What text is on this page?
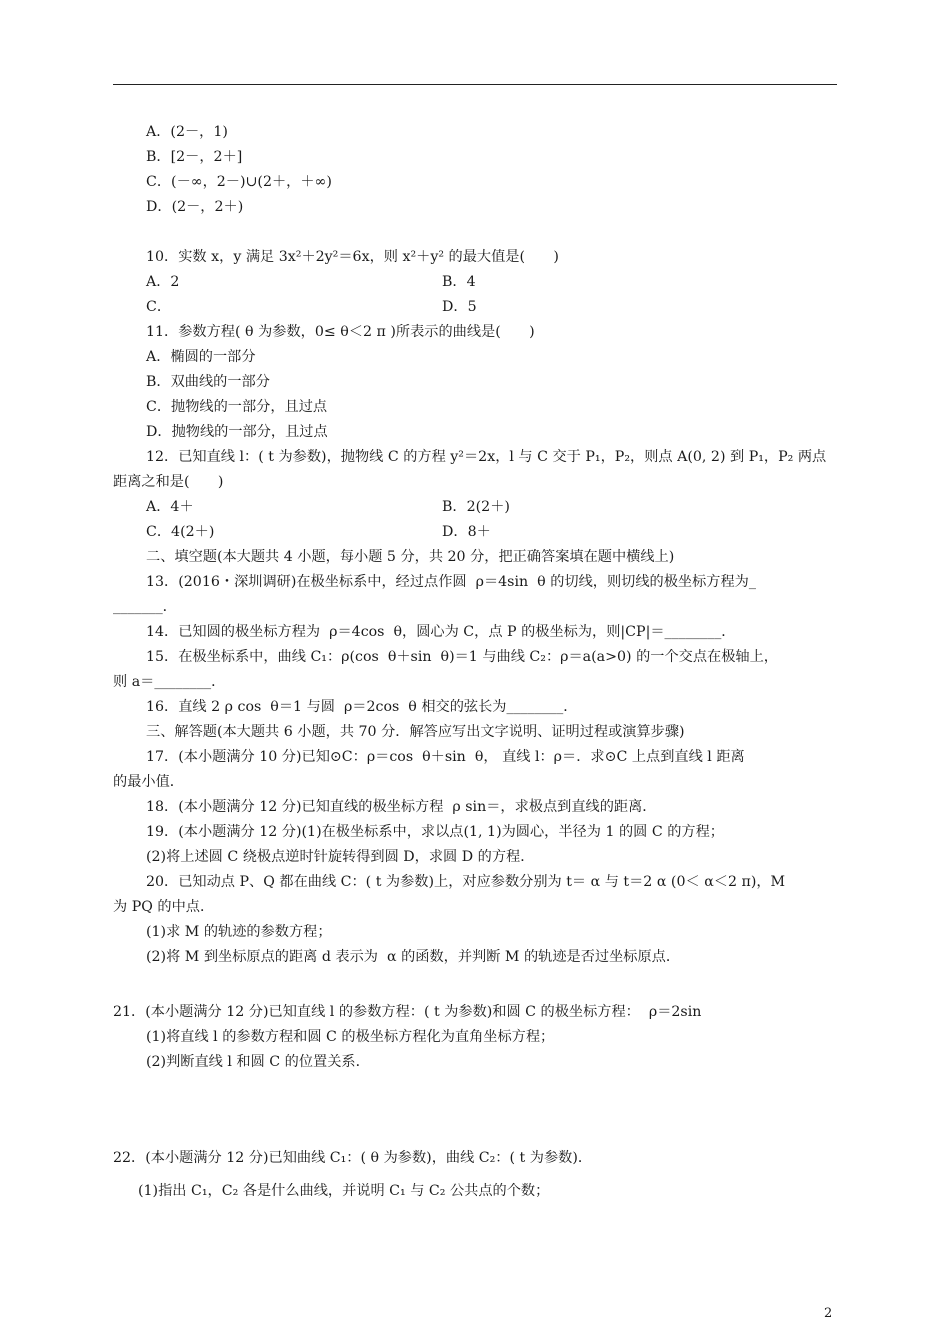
A．(2－，1)
B．[2－，2＋]
C．(－∞，2－)∪(2＋，＋∞)
D．(2－，2＋)
10．实数 x，y 满足 3x²＋2y²＝6x，则 x²＋y² 的最大值是(　　)
A．2	B．4
C．	D．5
11．参数方程( θ 为参数，0≤ θ＜2 π )所表示的曲线是(　　)
A．椭圆的一部分
B．双曲线的一部分
C．抛物线的一部分，且过点
D．抛物线的一部分，且过点
12．已知直线 l：( t 为参数)，抛物线 C 的方程 y²＝2x，l 与 C 交于 P₁，P₂，则点 A(0, 2) 到 P₁，P₂ 两点
距离之和是(　　)
A．4＋	B．2(2＋)
C．4(2＋)	D．8＋
二、填空题(本大题共 4 小题，每小题 5 分，共 20 分，把正确答案填在题中横线上)
13．(2016・深圳调研)在极坐标系中，经过点作圆  ρ＝4sin  θ 的切线，则切线的极坐标方程为_
_______．
14．已知圆的极坐标方程为  ρ＝4cos  θ，圆心为 C，点 P 的极坐标为，则|CP|＝________．
15．在极坐标系中，曲线 C₁：ρ(cos  θ＋sin  θ)＝1 与曲线 C₂：ρ＝a(a>0) 的一个交点在极轴上，
则 a＝________．
16．直线 2 ρ cos  θ＝1 与圆  ρ＝2cos  θ 相交的弦长为________．
三、解答题(本大题共 6 小题，共 70 分．解答应写出文字说明、证明过程或演算步骤)
17．(本小题满分 10 分)已知⊙C：ρ＝cos  θ＋sin  θ， 直线 l：ρ＝．求⊙C 上点到直线 l 距离
的最小值．
18．(本小题满分 12 分)已知直线的极坐标方程  ρ sin＝，求极点到直线的距离．
19．(本小题满分 12 分)(1)在极坐标系中，求以点(1, 1)为圆心，半径为 1 的圆 C 的方程；
(2)将上述圆 C 绕极点逆时针旋转得到圆 D，求圆 D 的方程．
20．已知动点 P、Q 都在曲线 C：( t 为参数)上，对应参数分别为 t＝ α 与 t＝2 α (0＜ α＜2 π)，M
为 PQ 的中点．
(1)求 M 的轨迹的参数方程；
(2)将 M 到坐标原点的距离 d 表示为  α 的函数，并判断 M 的轨迹是否过坐标原点．
21．(本小题满分 12 分)已知直线 l 的参数方程：( t 为参数)和圆 C 的极坐标方程：  ρ＝2sin
(1)将直线 l 的参数方程和圆 C 的极坐标方程化为直角坐标方程；
(2)判断直线 l 和圆 C 的位置关系．
22．(本小题满分 12 分)已知曲线 C₁：( θ 为参数)，曲线 C₂：( t 为参数)．
(1)指出 C₁，C₂ 各是什么曲线，并说明 C₁ 与 C₂ 公共点的个数；
2
